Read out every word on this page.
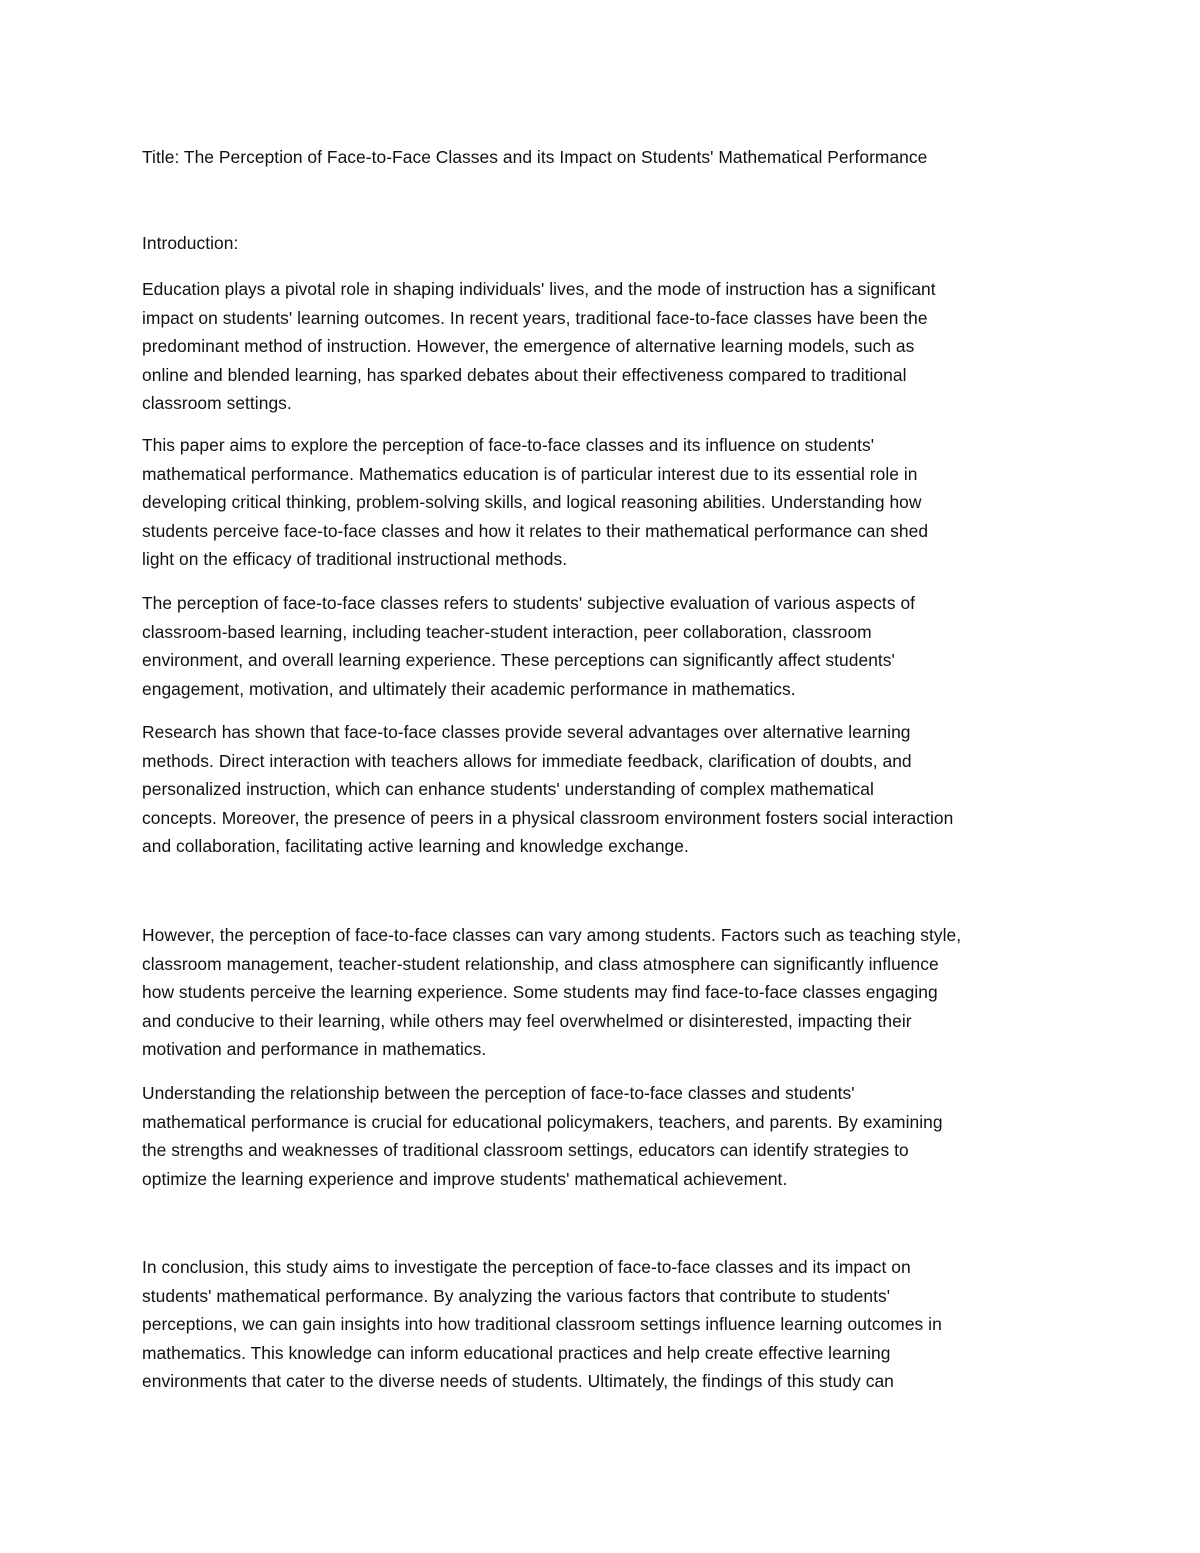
Title: The Perception of Face-to-Face Classes and its Impact on Students' Mathematical Performance
Introduction:
Education plays a pivotal role in shaping individuals' lives, and the mode of instruction has a significant
impact on students' learning outcomes. In recent years, traditional face-to-face classes have been the
predominant method of instruction. However, the emergence of alternative learning models, such as
online and blended learning, has sparked debates about their effectiveness compared to traditional
classroom settings.
This paper aims to explore the perception of face-to-face classes and its influence on students'
mathematical performance. Mathematics education is of particular interest due to its essential role in
developing critical thinking, problem-solving skills, and logical reasoning abilities. Understanding how
students perceive face-to-face classes and how it relates to their mathematical performance can shed
light on the efficacy of traditional instructional methods.
The perception of face-to-face classes refers to students' subjective evaluation of various aspects of
classroom-based learning, including teacher-student interaction, peer collaboration, classroom
environment, and overall learning experience. These perceptions can significantly affect students'
engagement, motivation, and ultimately their academic performance in mathematics.
Research has shown that face-to-face classes provide several advantages over alternative learning
methods. Direct interaction with teachers allows for immediate feedback, clarification of doubts, and
personalized instruction, which can enhance students' understanding of complex mathematical
concepts. Moreover, the presence of peers in a physical classroom environment fosters social interaction
and collaboration, facilitating active learning and knowledge exchange.
However, the perception of face-to-face classes can vary among students. Factors such as teaching style,
classroom management, teacher-student relationship, and class atmosphere can significantly influence
how students perceive the learning experience. Some students may find face-to-face classes engaging
and conducive to their learning, while others may feel overwhelmed or disinterested, impacting their
motivation and performance in mathematics.
Understanding the relationship between the perception of face-to-face classes and students'
mathematical performance is crucial for educational policymakers, teachers, and parents. By examining
the strengths and weaknesses of traditional classroom settings, educators can identify strategies to
optimize the learning experience and improve students' mathematical achievement.
In conclusion, this study aims to investigate the perception of face-to-face classes and its impact on
students' mathematical performance. By analyzing the various factors that contribute to students'
perceptions, we can gain insights into how traditional classroom settings influence learning outcomes in
mathematics. This knowledge can inform educational practices and help create effective learning
environments that cater to the diverse needs of students. Ultimately, the findings of this study can
